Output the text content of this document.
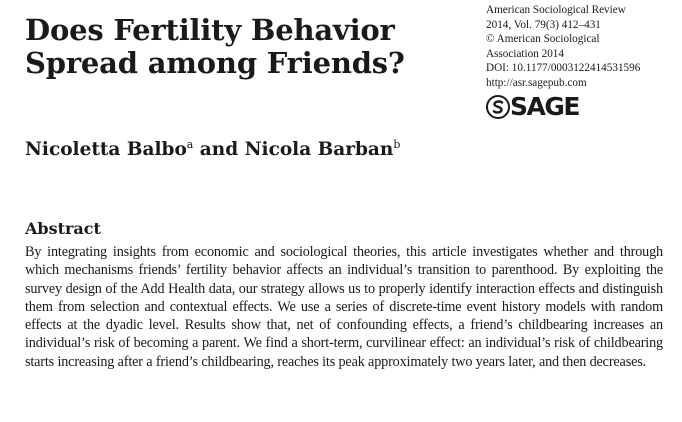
Does Fertility Behavior
Spread among Friends?
American Sociological Review
2014, Vol. 79(3) 412–431
© American Sociological
Association 2014
DOI: 10.1177/0003122414531596
http://asr.sagepub.com
SAGE
Nicoletta Balbo$^a$ and Nicola Barban$^b$
Abstract

By integrating insights from economic and sociological theories, this article investigates whether and through which mechanisms friends’ fertility behavior affects an individual’s transition to parenthood. By exploiting the survey design of the Add Health data, our strategy allows us to properly identify interaction effects and distinguish them from selection and contextual effects. We use a series of discrete-time event history models with random effects at the dyadic level. Results show that, net of confounding effects, a friend’s childbearing increases an individual’s risk of becoming a parent. We find a short-term, curvilinear effect: an individual’s risk of childbearing starts increasing after a friend’s childbearing, reaches its peak approximately two years later, and then decreases.
